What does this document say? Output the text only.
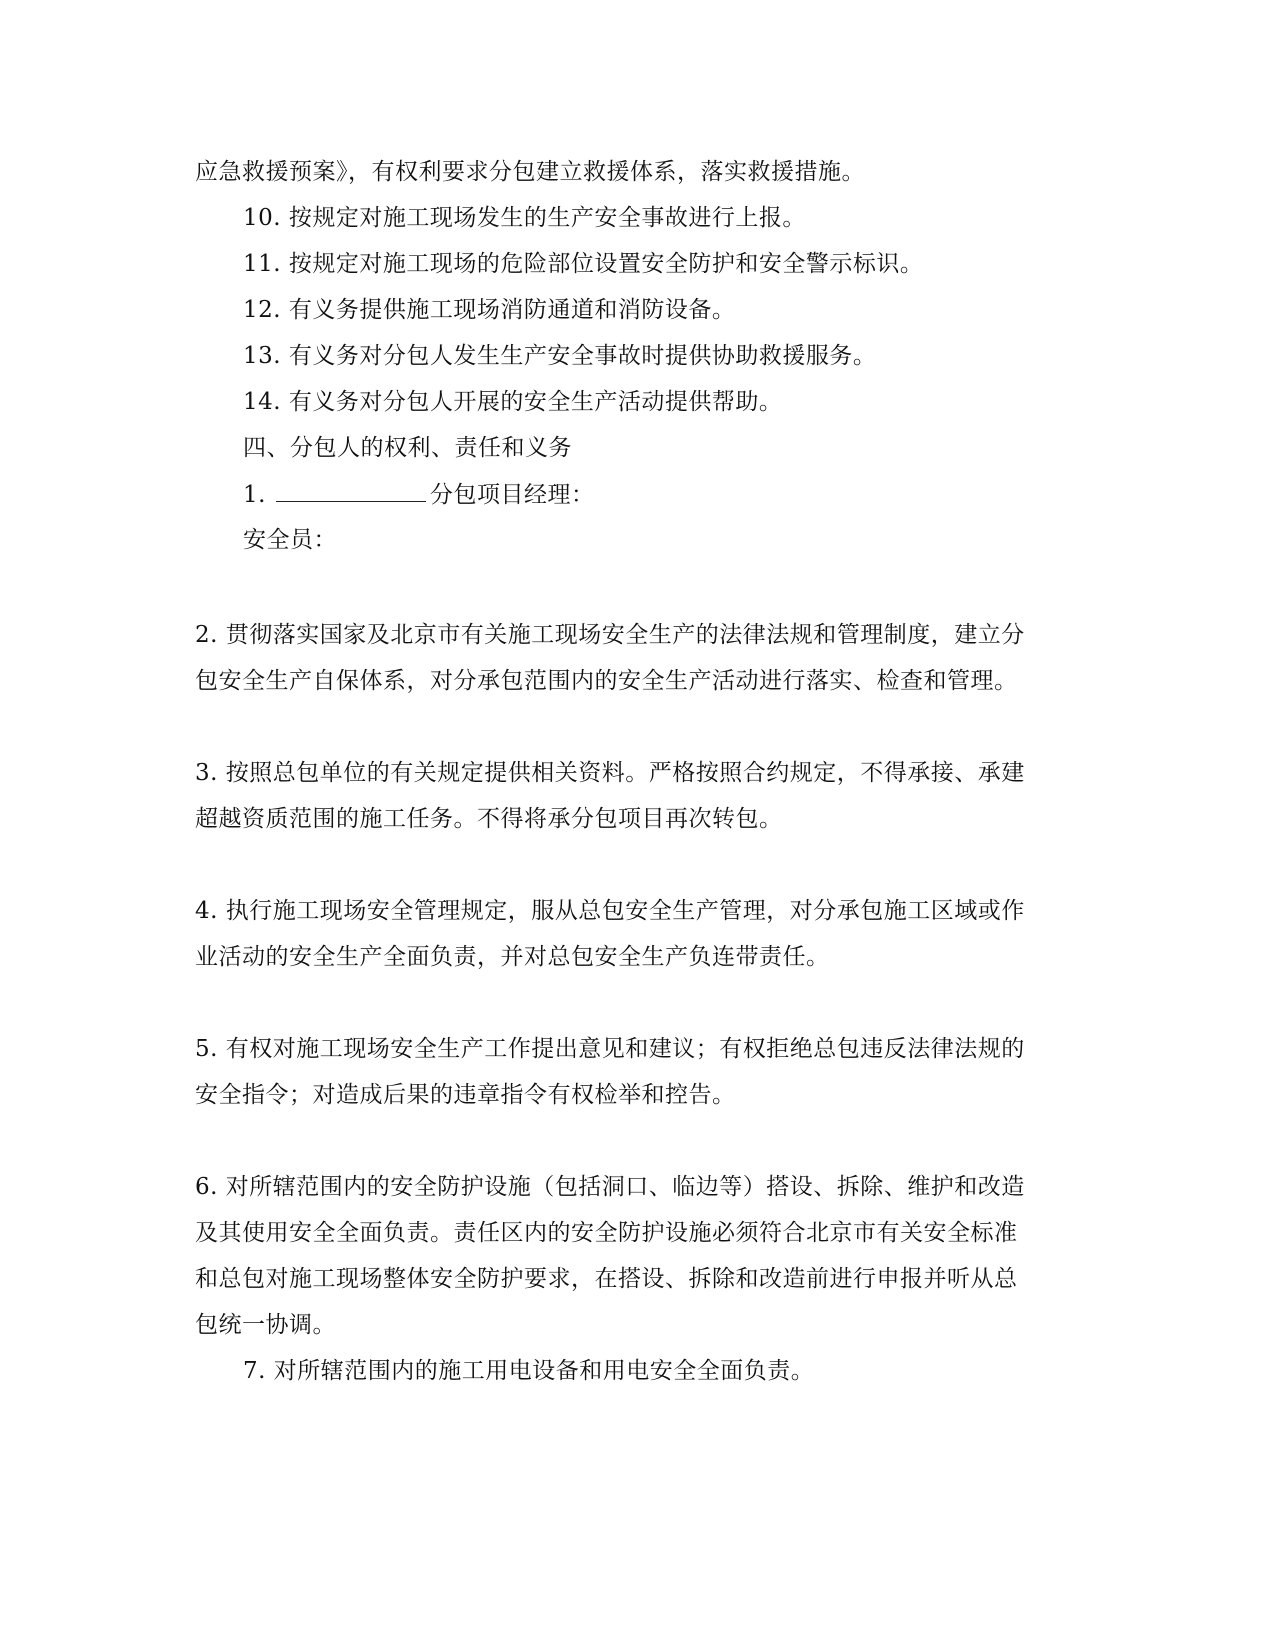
应急救援预案》，有权利要求分包建立救援体系，落实救援措施。
10. 按规定对施工现场发生的生产安全事故进行上报。
11. 按规定对施工现场的危险部位设置安全防护和安全警示标识。
12. 有义务提供施工现场消防通道和消防设备。
13. 有义务对分包人发生生产安全事故时提供协助救援服务。
14. 有义务对分包人开展的安全生产活动提供帮助。
四、分包人的权利、责任和义务
1.	分包项目经理：
安全员：
2. 贯彻落实国家及北京市有关施工现场安全生产的法律法规和管理制度，建立分
包安全生产自保体系，对分承包范围内的安全生产活动进行落实、检查和管理。
3. 按照总包单位的有关规定提供相关资料。严格按照合约规定，不得承接、承建
超越资质范围的施工任务。不得将承分包项目再次转包。
4. 执行施工现场安全管理规定，服从总包安全生产管理，对分承包施工区域或作
业活动的安全生产全面负责，并对总包安全生产负连带责任。
5. 有权对施工现场安全生产工作提出意见和建议；有权拒绝总包违反法律法规的
安全指令；对造成后果的违章指令有权检举和控告。
6. 对所辖范围内的安全防护设施（包括洞口、临边等）搭设、拆除、维护和改造
及其使用安全全面负责。责任区内的安全防护设施必须符合北京市有关安全标准
和总包对施工现场整体安全防护要求，在搭设、拆除和改造前进行申报并听从总
包统一协调。
7. 对所辖范围内的施工用电设备和用电安全全面负责。
